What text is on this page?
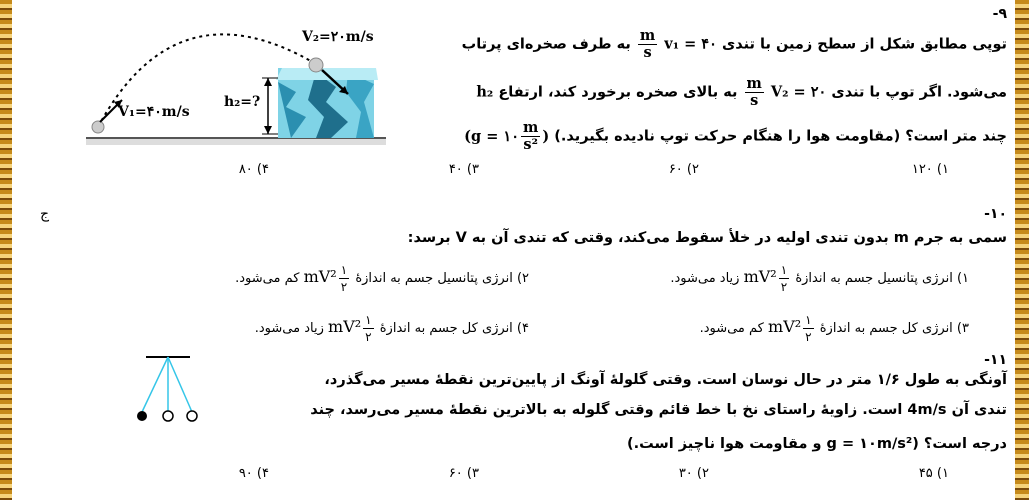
-۹
توپی مطابق شکل از سطح زمین با تندی v₁ = ۴۰
$\frac{m}{s}$
به طرف صخره‌ای پرتاب
می‌شود. اگر توپ با تندی V₂ = ۲۰
$\frac{m}{s}$
به بالای صخره برخورد کند، ارتفاع h₂
چند متر است؟ (مقاومت هوا را هنگام حرکت توپ نادیده بگیرید.) (g = ۱۰ $\frac{m}{\text{s²}}$ )
V₁=۴۰m/s
V₂=۲۰m/s
h₂=?
۱) ۱۲۰
۲) ۶۰
۳) ۴۰
۴) ۸۰
ج	-۱۰
سمی به جرم m بدون تندی اولیه در خلأ سقوط می‌کند، وقتی که تندی آن به V برسد:
۱) انرژی پتانسیل جسم به اندازهٔ
$\frac{۱}{۲}$
mV² زیاد می‌شود.
۲) انرژی پتانسیل جسم به اندازهٔ
$\frac{۱}{۲}$
mV² کم می‌شود.
۳) انرژی کل جسم به اندازهٔ
$\frac{۱}{۲}$
mV² کم می‌شود.
۴) انرژی کل جسم به اندازهٔ
$\frac{۱}{۲}$
mV² زیاد می‌شود.
-۱۱
آونگی به طول ۱/۶ متر در حال نوسان است. وقتی گلولهٔ آونگ از پایین‌ترین نقطهٔ مسیر می‌گذرد،
تندی آن 4m/s است. زاویهٔ راستای نخ با خط قائم وقتی گلوله به بالاترین نقطهٔ مسیر می‌رسد، چند
درجه است؟ (g = ۱۰m/s² و مقاومت هوا ناچیز است.)
۱) ۴۵
۲) ۳۰
۳) ۶۰
۴) ۹۰
